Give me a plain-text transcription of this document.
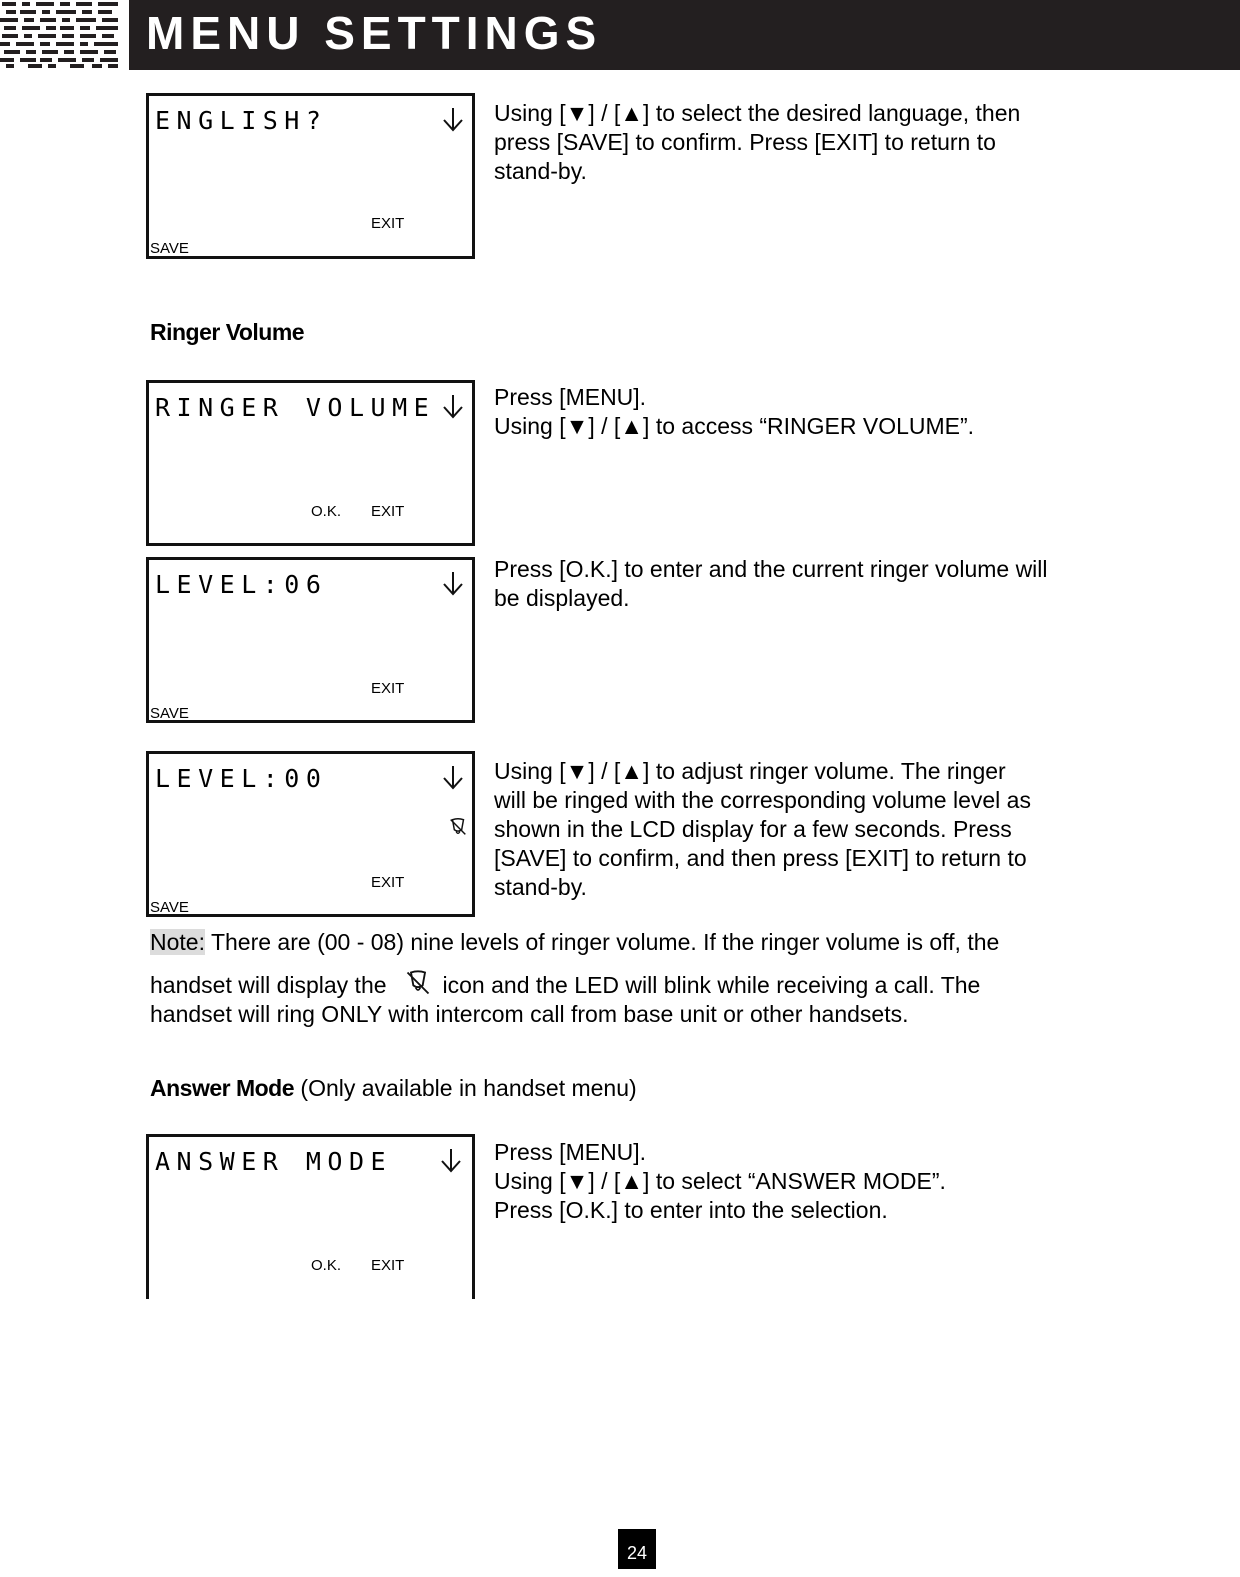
MENU SETTINGS
ENGLISH?
EXIT
SAVE

Using [▼] / [▲] to select the desired language, then

press [SAVE] to confirm. Press [EXIT] to return to

stand-by.

Ringer Volume
RINGER VOLUME
O.K. EXIT

Press [MENU].

Using [▼] / [▲] to access “RINGER VOLUME”.

LEVEL:06
EXIT
SAVE

Press [O.K.] to enter and the current ringer volume will

be displayed.

LEVEL:00
EXIT
SAVE

Using [▼] / [▲] to adjust ringer volume. The ringer

will be ringed with the corresponding volume level as

shown in the LCD display for a few seconds. Press

[SAVE] to confirm, and then press [EXIT] to return to

stand-by.

Note: There are (00 - 08) nine levels of ringer volume. If the ringer volume is off, the
handset will display the icon and the LED will blink while receiving a call. The
handset will ring ONLY with intercom call from base unit or other handsets.
Answer Mode (Only available in handset menu)
ANSWER MODE
O.K. EXIT

Press [MENU].

Using [▼] / [▲] to select “ANSWER MODE”.

Press [O.K.] to enter into the selection.

24
